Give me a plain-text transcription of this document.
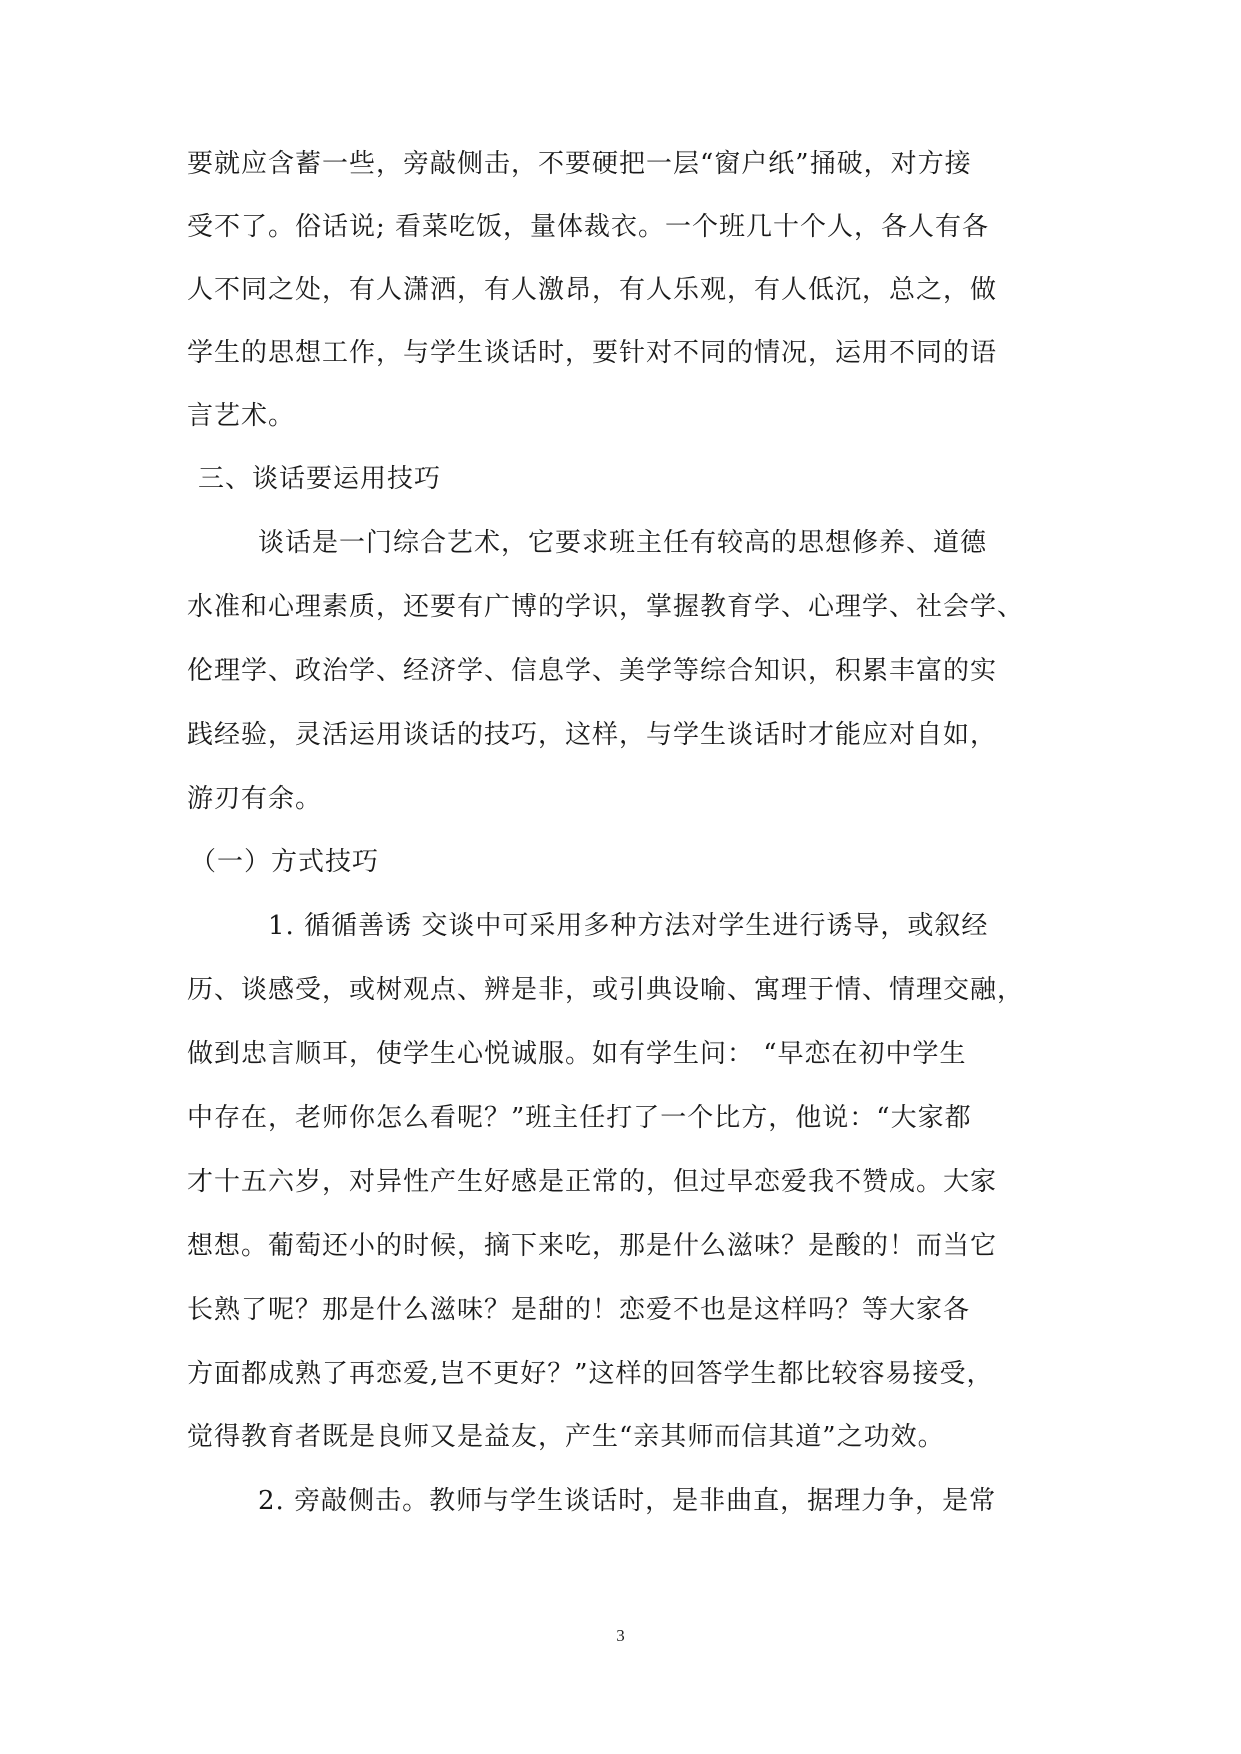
要就应含蓄一些，旁敲侧击，不要硬把一层“窗户纸”捅破，对方接
受不了。俗话说; 看菜吃饭，量体裁衣。一个班几十个人，各人有各
人不同之处，有人潇洒，有人激昂，有人乐观，有人低沉，总之，做
学生的思想工作，与学生谈话时，要针对不同的情况，运用不同的语
言艺术。
三、谈话要运用技巧
谈话是一门综合艺术，它要求班主任有较高的思想修养、道德
水准和心理素质，还要有广博的学识，掌握教育学、心理学、社会学、
伦理学、政治学、经济学、信息学、美学等综合知识，积累丰富的实
践经验，灵活运用谈话的技巧，这样，与学生谈话时才能应对自如，
游刃有余。
（一）方式技巧
1. 循循善诱 交谈中可采用多种方法对学生进行诱导，或叙经
历、谈感受，或树观点、辨是非，或引典设喻、寓理于情、情理交融，
做到忠言顺耳，使学生心悦诚服。如有学生问： “早恋在初中学生
中存在，老师你怎么看呢？”班主任打了一个比方，他说：“大家都
才十五六岁，对异性产生好感是正常的，但过早恋爱我不赞成。大家
想想。葡萄还小的时候，摘下来吃，那是什么滋味？是酸的！而当它
长熟了呢？那是什么滋味？是甜的！恋爱不也是这样吗？等大家各
方面都成熟了再恋爱,岂不更好？”这样的回答学生都比较容易接受，
觉得教育者既是良师又是益友，产生“亲其师而信其道”之功效。
2. 旁敲侧击。教师与学生谈话时，是非曲直，据理力争，是常
3
